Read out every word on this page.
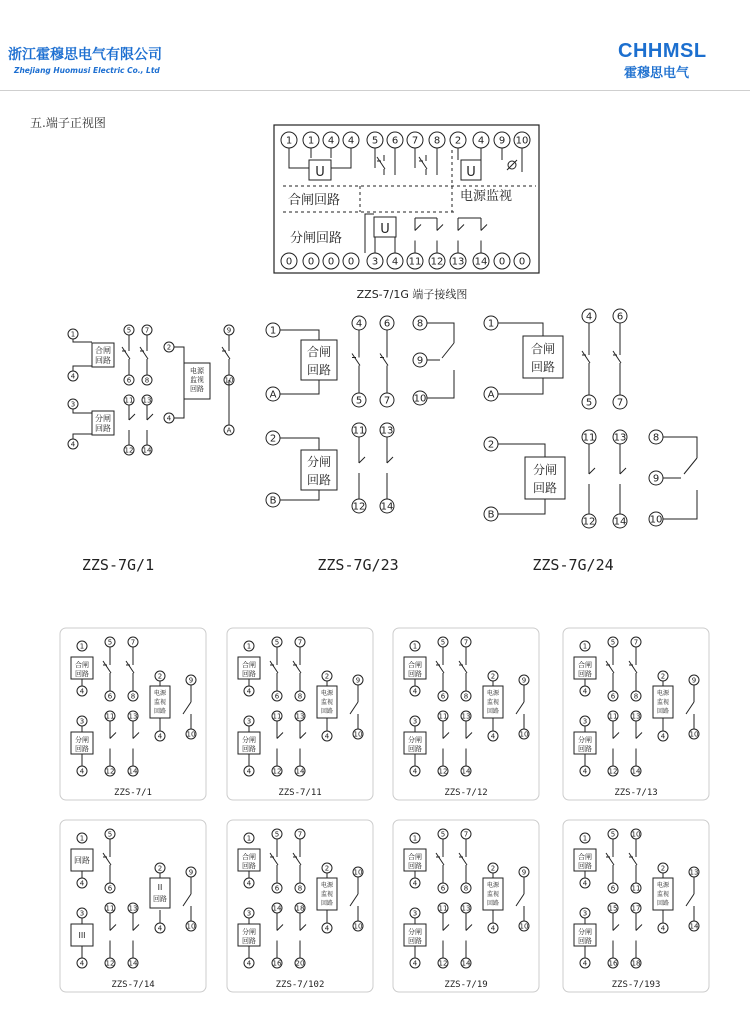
浙江霍穆思电气有限公司
Zhejiang Huomusi Electric Co., Ltd
CHHMSL
霍穆思电气
五.端子正视图
1 1 4 4 5 6 7 8 2 4 9 10
0 0 0 0 3 4 11 12 13 14 0 0
U
合闸回路	电源监视
分闸回路
U
U
ZZS-7/1G 端子接线图
1
4
合闸
回路
3
4
分闸
回路
5
6
7
8
11
12
13
14
2
4
电源
监视
回路
9
10
A
1
A
合闸
回路
4
5
6
7
8
9
10
2
B
分闸
回路
11
12
13
14
1
A
合闸
回路
4
5
6
7
2
B
分闸
回路
11
12
13
14
8
9
10
ZZS-7G/1	ZZS-7G/23	ZZS-7G/24
1
合闸
回路
4
3
分闸
回路
4
5
6
7
8
11
12
13
14
2
电源
监视
回路
4
9
10
ZZS-7/1
1
合闸
回路
4
3
分闸
回路
4
5
6
7
8
11
12
13
14
2
电源
监视
回路
4
9
10
ZZS-7/11
1
合闸
回路
4
3
分闸
回路
4
5
6
7
8
11
12
13
14
2
电源
监视
回路
4
9
10
ZZS-7/12
1
合闸
回路
4
3
分闸
回路
4
5
6
7
8
11
12
13
14
2
电源
监视
回路
4
9
10
ZZS-7/13
1
回路
4
3
III
4
5
6
11
12
13
14
2
II
回路
4
9
10
ZZS-7/14
1
合闸
回路
4
3
分闸
回路
4
5
6
7
8
14
16
18
20
2
电源
监视
回路
4
10
10
ZZS-7/102
1
合闸
回路
4
3
分闸
回路
4
5
6
7
8
11
12
13
14
2
电源
监视
回路
4
9
10
ZZS-7/19
1
合闸
回路
4
3
分闸
回路
4
5
6
10
11
15
16
17
18
2
电源
监视
回路
4
13
14
ZZS-7/193
